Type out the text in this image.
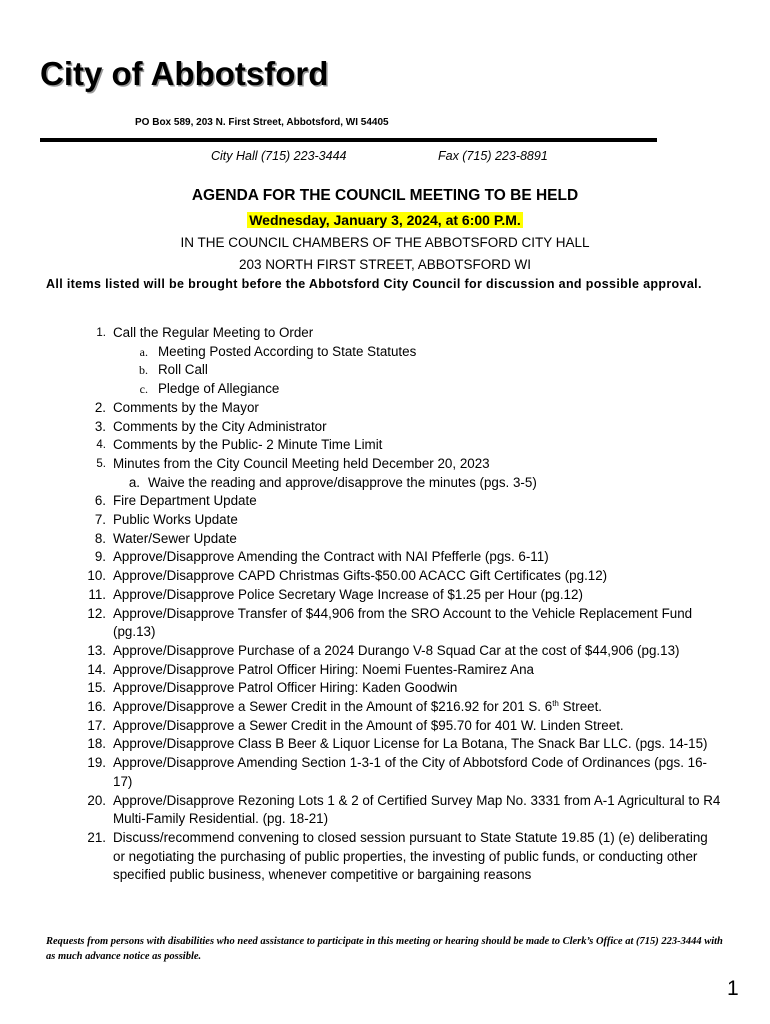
City of Abbotsford
PO Box 589, 203 N. First Street, Abbotsford, WI 54405
City Hall (715) 223-3444	Fax (715) 223-8891
AGENDA FOR THE COUNCIL MEETING TO BE HELD
Wednesday, January 3, 2024, at 6:00 P.M.
IN THE COUNCIL CHAMBERS OF THE ABBOTSFORD CITY HALL
203 NORTH FIRST STREET, ABBOTSFORD WI
All items listed will be brought before the Abbotsford City Council for discussion and possible approval.
1. Call the Regular Meeting to Order
a. Meeting Posted According to State Statutes
b. Roll Call
c. Pledge of Allegiance
2. Comments by the Mayor
3. Comments by the City Administrator
4. Comments by the Public- 2 Minute Time Limit
5. Minutes from the City Council Meeting held December 20, 2023
a. Waive the reading and approve/disapprove the minutes (pgs. 3-5)
6. Fire Department Update
7. Public Works Update
8. Water/Sewer Update
9. Approve/Disapprove Amending the Contract with NAI Pfefferle (pgs. 6-11)
10. Approve/Disapprove CAPD Christmas Gifts-$50.00 ACACC Gift Certificates (pg.12)
11. Approve/Disapprove Police Secretary Wage Increase of $1.25 per Hour (pg.12)
12. Approve/Disapprove Transfer of $44,906 from the SRO Account to the Vehicle Replacement Fund (pg.13)
13. Approve/Disapprove Purchase of a 2024 Durango V-8 Squad Car at the cost of $44,906 (pg.13)
14. Approve/Disapprove Patrol Officer Hiring: Noemi Fuentes-Ramirez Ana
15. Approve/Disapprove Patrol Officer Hiring: Kaden Goodwin
16. Approve/Disapprove a Sewer Credit in the Amount of $216.92 for 201 S. 6th Street.
17. Approve/Disapprove a Sewer Credit in the Amount of $95.70 for 401 W. Linden Street.
18. Approve/Disapprove Class B Beer & Liquor License for La Botana, The Snack Bar LLC. (pgs. 14-15)
19. Approve/Disapprove Amending Section 1-3-1 of the City of Abbotsford Code of Ordinances (pgs. 16-17)
20. Approve/Disapprove Rezoning Lots 1 & 2 of Certified Survey Map No. 3331 from A-1 Agricultural to R4 Multi-Family Residential. (pg. 18-21)
21. Discuss/recommend convening to closed session pursuant to State Statute 19.85 (1) (e) deliberating or negotiating the purchasing of public properties, the investing of public funds, or conducting other specified public business, whenever competitive or bargaining reasons
Requests from persons with disabilities who need assistance to participate in this meeting or hearing should be made to Clerk’s Office at (715) 223-3444 with as much advance notice as possible.
1
